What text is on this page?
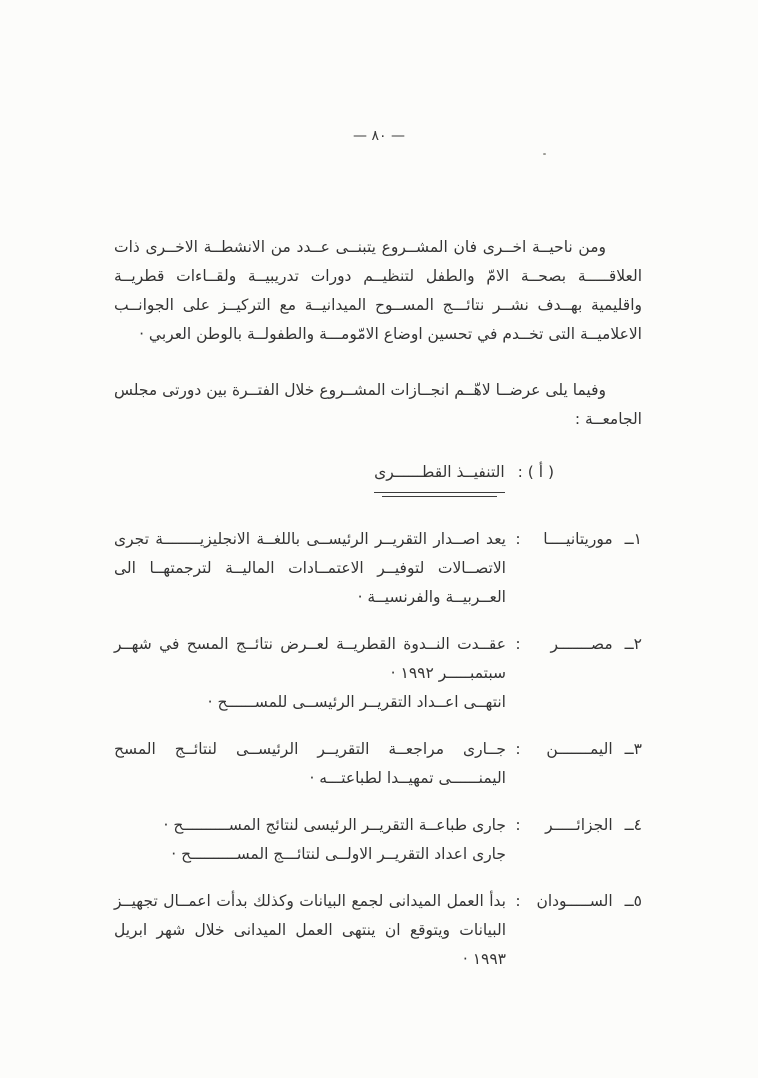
— ٨٠ —

ومن ناحيــة اخــرى فان المشــروع يتبنــى عــدد من الانشطــة الاخــرى ذات العلاقـــــة بصحــة الامّ والطفل لتنظيــم دورات تدريبيــة ولقــاءات قطريــة واقليمية بهــدف نشــر نتائـــج المســوح الميدانيــة مع التركيــز على الجوانــب الاعلاميــة التى تخــدم في تحسين اوضاع الامّومـــة والطفولــة بالوطن العربي ·

وفيما يلى عرضــا لاهّــم انجــازات المشــروع خلال الفتــرة بين دورتى مجلس الجامعــة :

( أ ) : التنفيــذ القطــــــرى
١ــ موريتانيــــا
:
يعد اصــدار التقريــر الرئيســى باللغــة الانجليزيــــــــة تجرى الاتصــالات لتوفيــر الاعتمــادات الماليــة لترجمتهــا الى العــربيــة والفرنسيــة ·
٢ــ مصـــــــر
:
عقــدت النــدوة القطريــة لعــرض نتائــج المسح في شهــر سبتمبـــــر ١٩٩٢ ·
انتهــى اعــداد التقريــر الرئيســى للمســــــح ·
٣ــ اليمـــــــن
:
جــارى مراجعــة التقريــر الرئيســى لنتائــج المسح اليمنــــــى تمهيــدا لطباعتـــه ·
٤ــ الجزائـــــر
:
جارى طباعــة التقريــر الرئيسى لنتائج المســــــــــح ·
جارى اعداد التقريــر الاولــى لنتائـــج المســــــــــح ·
٥ــ الســـــودان
:
بدأ العمل الميدانى لجمع البيانات وكذلك بدأت اعمــال تجهيــز البيانات ويتوقع ان ينتهى العمل الميدانى خلال شهر ابريل ١٩٩٣ ·
